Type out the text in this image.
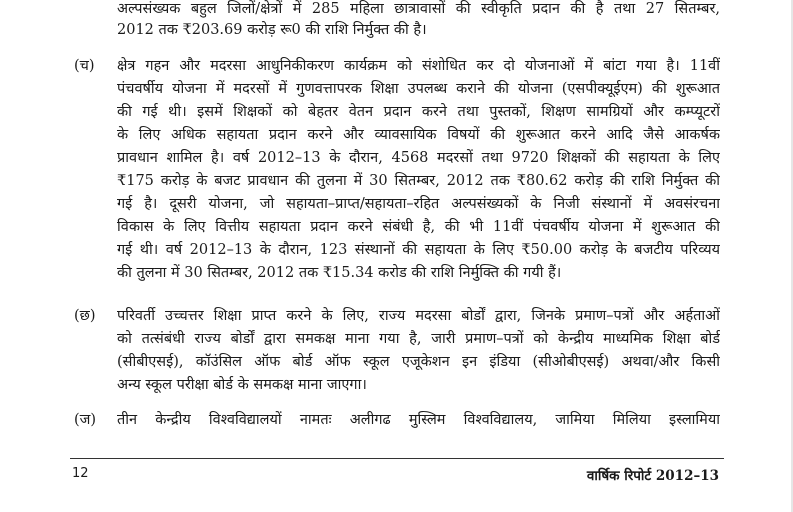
अल्पसंख्यक बहुल जिलों/क्षेत्रों में 285 महिला छात्रावासों की स्वीकृति प्रदान की है तथा 27 सितम्बर,
2012 तक ₹203.69 करोड़ रू0 की राशि निर्मुक्त की है।
(च) क्षेत्र गहन और मदरसा आधुनिकीकरण कार्यक्रम को संशोधित कर दो योजनाओं में बांटा गया है। 11वीं
पंचवर्षीय योजना में मदरसों में गुणवत्तापरक शिक्षा उपलब्ध कराने की योजना (एसपीक्यूईएम) की शुरूआत
की गई थी। इसमें शिक्षकों को बेहतर वेतन प्रदान करने तथा पुस्तकों, शिक्षण सामग्रियों और कम्प्यूटरों
के लिए अधिक सहायता प्रदान करने और व्यावसायिक विषयों की शुरूआत करने आदि जैसे आकर्षक
प्रावधान शामिल है। वर्ष 2012–13 के दौरान, 4568 मदरसों तथा 9720 शिक्षकों की सहायता के लिए
₹175 करोड़ के बजट प्रावधान की तुलना में 30 सितम्बर, 2012 तक ₹80.62 करोड़ की राशि निर्मुक्त की
गई है। दूसरी योजना, जो सहायता–प्राप्त/सहायता–रहित अल्पसंख्यकों के निजी संस्थानों में अवसंरचना
विकास के लिए वित्तीय सहायता प्रदान करने संबंधी है, की भी 11वीं पंचवर्षीय योजना में शुरूआत की
गई थी। वर्ष 2012–13 के दौरान, 123 संस्थानों की सहायता के लिए ₹50.00 करोड़ के बजटीय परिव्यय
की तुलना में 30 सितम्बर, 2012 तक ₹15.34 करोड की राशि निर्मुक्ति की गयी हैं।
(छ) परिवर्ती उच्चत्तर शिक्षा प्राप्त करने के लिए, राज्य मदरसा बोर्डों द्वारा, जिनके प्रमाण–पत्रों और अर्हताओं
को तत्संबंधी राज्य बोर्डों द्वारा समकक्ष माना गया है, जारी प्रमाण–पत्रों को केन्द्रीय माध्यमिक शिक्षा बोर्ड
(सीबीएसई), कॉउंसिल ऑफ बोर्ड ऑफ स्कूल एजूकेशन इन इंडिया (सीओबीएसई) अथवा/और किसी
अन्य स्कूल परीक्षा बोर्ड के समकक्ष माना जाएगा।
(ज) तीन केन्द्रीय विश्वविद्यालयों नामतः अलीगढ मुस्लिम विश्वविद्यालय, जामिया मिलिया इस्लामिया
12	वार्षिक रिपोर्ट 2012–13
